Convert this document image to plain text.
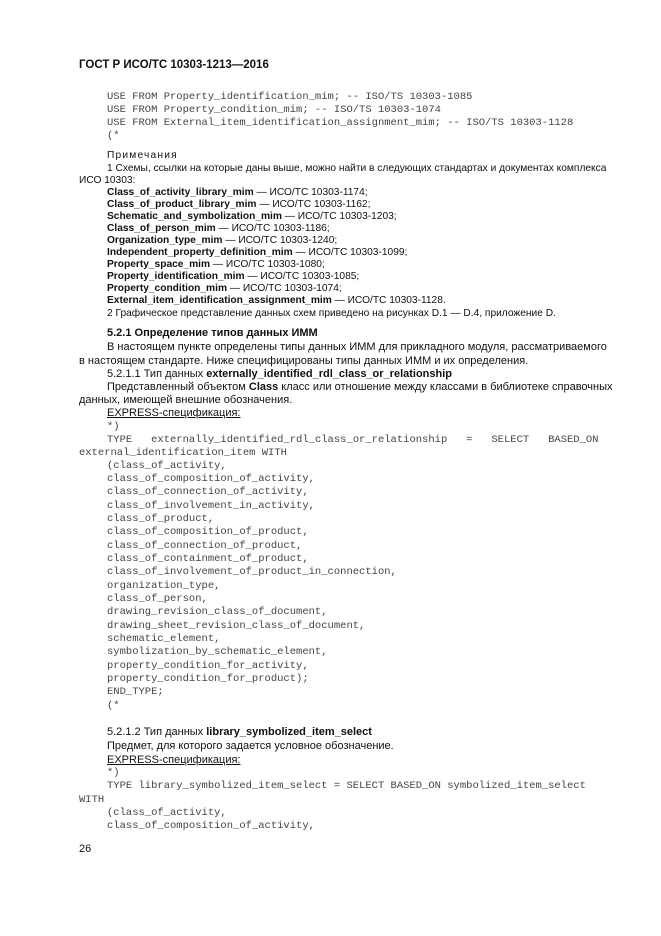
ГОСТ Р ИСО/ТС 10303-1213—2016
USE FROM Property_identification_mim; -- ISO/TS 10303-1085
USE FROM Property_condition_mim; -- ISO/TS 10303-1074
USE FROM External_item_identification_assignment_mim; -- ISO/TS 10303-1128
(*
Примечания
1 Схемы, ссылки на которые даны выше, можно найти в следующих стандартах и документах комплекса
ИСО 10303:
Class_of_activity_library_mim — ИСО/ТС 10303-1174;
Class_of_product_library_mim — ИСО/ТС 10303-1162;
Schematic_and_symbolization_mim — ИСО/ТС 10303-1203;
Class_of_person_mim — ИСО/ТС 10303-1186;
Organization_type_mim — ИСО/ТС 10303-1240;
Independent_property_definition_mim — ИСО/ТС 10303-1099;
Property_space_mim — ИСО/ТС 10303-1080;
Property_identification_mim — ИСО/ТС 10303-1085;
Property_condition_mim — ИСО/ТС 10303-1074;
External_item_identification_assignment_mim — ИСО/ТС 10303-1128.
2 Графическое представление данных схем приведено на рисунках D.1 — D.4, приложение D.
5.2.1 Определение типов данных ИММ
В настоящем пункте определены типы данных ИММ для прикладного модуля, рассматриваемого
в настоящем стандарте. Ниже специфицированы типы данных ИММ и их определения.
5.2.1.1 Тип данных externally_identified_rdl_class_or_relationship
Представленный объектом Class класс или отношение между классами в библиотеке справочных
данных, имеющей внешние обозначения.
EXPRESS-спецификация:
*)
TYPE   externally_identified_rdl_class_or_relationship   =   SELECT   BASED_ON
external_identification_item WITH
(class_of_activity,
class_of_composition_of_activity,
class_of_connection_of_activity,
class_of_involvement_in_activity,
class_of_product,
class_of_composition_of_product,
class_of_connection_of_product,
class_of_containment_of_product,
class_of_involvement_of_product_in_connection,
organization_type,
class_of_person,
drawing_revision_class_of_document,
drawing_sheet_revision_class_of_document,
schematic_element,
symbolization_by_schematic_element,
property_condition_for_activity,
property_condition_for_product);
END_TYPE;
(*
5.2.1.2 Тип данных library_symbolized_item_select
Предмет, для которого задается условное обозначение.
EXPRESS-спецификация:
*)
TYPE library_symbolized_item_select = SELECT BASED_ON symbolized_item_select
WITH
(class_of_activity,
class_of_composition_of_activity,
26
